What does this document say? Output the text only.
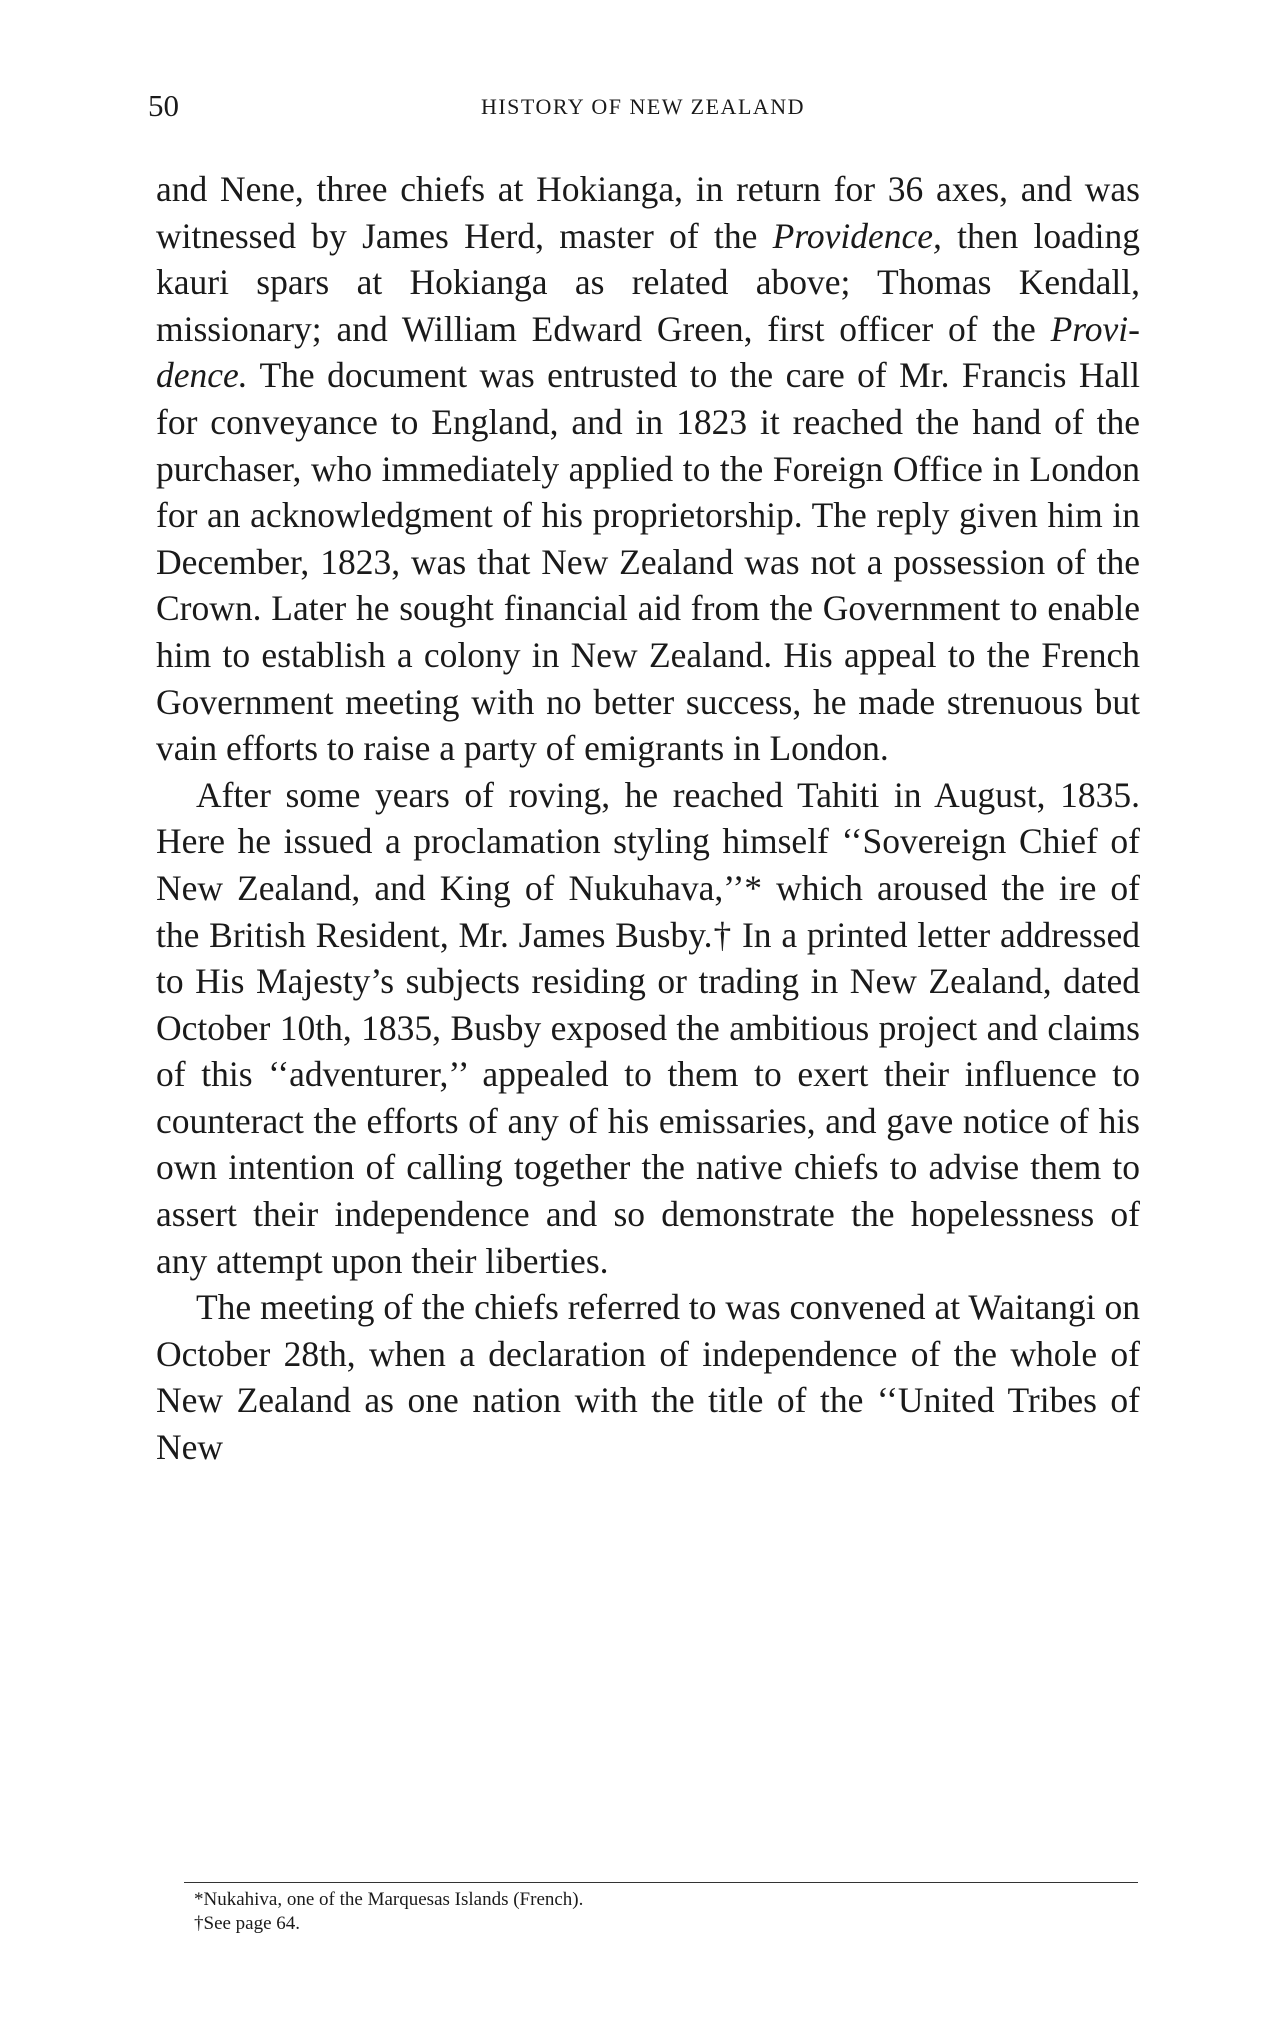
50	HISTORY OF NEW ZEALAND

and Nene, three chiefs at Hokianga, in return for 36 axes, and was witnessed by James Herd, master of the Providence, then loading kauri spars at Hokianga as related above; Thomas Kendall, missionary; and William Edward Green, first officer of the Providence. The document was entrusted to the care of Mr. Francis Hall for conveyance to England, and in 1823 it reached the hand of the purchaser, who immediately applied to the Foreign Office in London for an acknowledgment of his proprietorship. The reply given him in December, 1823, was that New Zealand was not a possession of the Crown. Later he sought financial aid from the Government to enable him to establish a colony in New Zealand. His appeal to the French Government meeting with no better success, he made strenuous but vain efforts to raise a party of emigrants in London.

After some years of roving, he reached Tahiti in August, 1835. Here he issued a proclamation styling himself ‘‘Sovereign Chief of New Zealand, and King of Nukuhava,’’* which aroused the ire of the British Resident, Mr. James Busby.† In a printed letter addressed to His Majesty’s subjects residing or trading in New Zealand, dated October 10th, 1835, Busby exposed the ambitious project and claims of this ‘‘adventurer,’’ appealed to them to exert their influence to counteract the efforts of any of his emissaries, and gave notice of his own intention of calling together the native chiefs to advise them to assert their independence and so demonstrate the hopelessness of any attempt upon their liberties.

The meeting of the chiefs referred to was convened at Waitangi on October 28th, when a declaration of independence of the whole of New Zealand as one nation with the title of the ‘‘United Tribes of New

*Nukahiva, one of the Marquesas Islands (French).
†See page 64.
